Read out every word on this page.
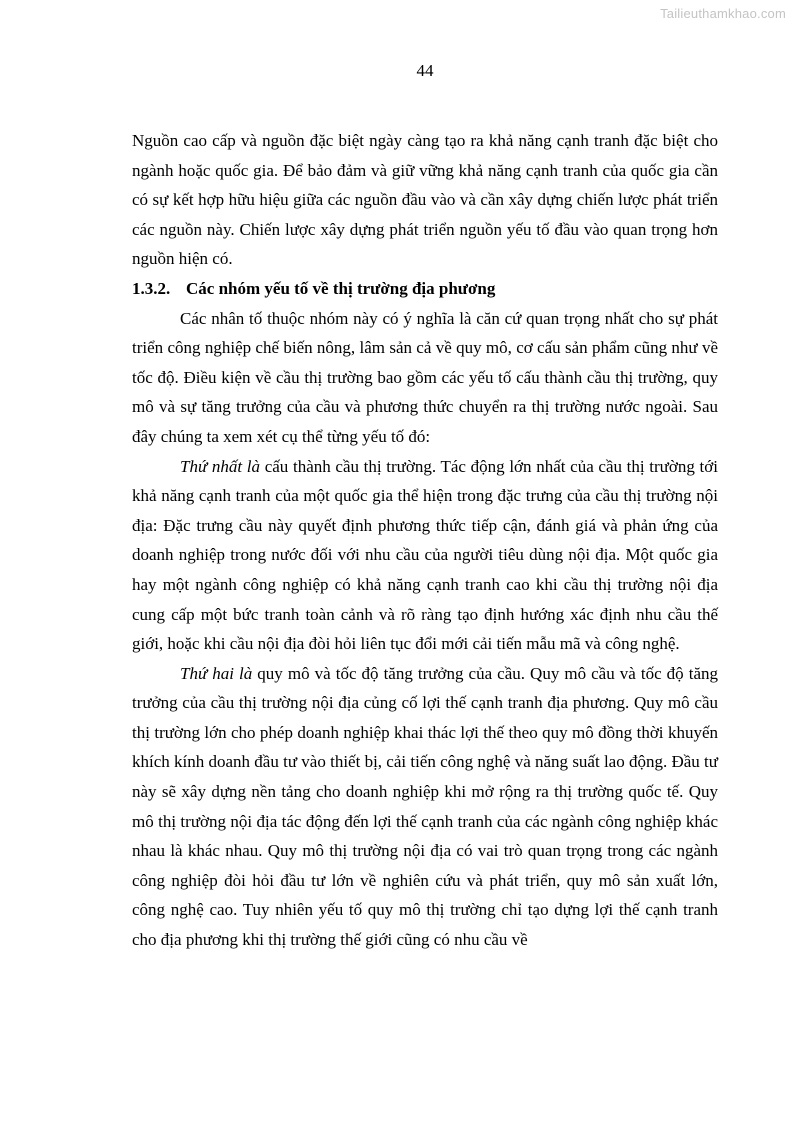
Tailieuthamkhao.com
44

Nguồn cao cấp và nguồn đặc biệt ngày càng tạo ra khả năng cạnh tranh đặc biệt cho ngành hoặc quốc gia. Để bảo đảm và giữ vững khả năng cạnh tranh của quốc gia cần có sự kết hợp hữu hiệu giữa các nguồn đầu vào và cần xây dựng chiến lược phát triển các nguồn này. Chiến lược xây dựng phát triển nguồn yếu tố đầu vào quan trọng hơn nguồn hiện có.

1.3.2. Các nhóm yếu tố về thị trường địa phương

Các nhân tố thuộc nhóm này có ý nghĩa là căn cứ quan trọng nhất cho sự phát triển công nghiệp chế biến nông, lâm sản cả về quy mô, cơ cấu sản phẩm cũng như về tốc độ. Điều kiện về cầu thị trường bao gồm các yếu tố cấu thành cầu thị trường, quy mô và sự tăng trưởng của cầu và phương thức chuyển ra thị trường nước ngoài. Sau đây chúng ta xem xét cụ thể từng yếu tố đó:

Thứ nhất là cấu thành cầu thị trường. Tác động lớn nhất của cầu thị trường tới khả năng cạnh tranh của một quốc gia thể hiện trong đặc trưng của cầu thị trường nội địa: Đặc trưng cầu này quyết định phương thức tiếp cận, đánh giá và phản ứng của doanh nghiệp trong nước đối với nhu cầu của người tiêu dùng nội địa. Một quốc gia hay một ngành công nghiệp có khả năng cạnh tranh cao khi cầu thị trường nội địa cung cấp một bức tranh toàn cảnh và rõ ràng tạo định hướng xác định nhu cầu thế giới, hoặc khi cầu nội địa đòi hỏi liên tục đổi mới cải tiến mẫu mã và công nghệ.

Thứ hai là quy mô và tốc độ tăng trưởng của cầu. Quy mô cầu và tốc độ tăng trưởng của cầu thị trường nội địa củng cố lợi thế cạnh tranh địa phương. Quy mô cầu thị trường lớn cho phép doanh nghiệp khai thác lợi thế theo quy mô đồng thời khuyến khích kính doanh đầu tư vào thiết bị, cải tiến công nghệ và năng suất lao động. Đầu tư này sẽ xây dựng nền tảng cho doanh nghiệp khi mở rộng ra thị trường quốc tế. Quy mô thị trường nội địa tác động đến lợi thế cạnh tranh của các ngành công nghiệp khác nhau là khác nhau. Quy mô thị trường nội địa có vai trò quan trọng trong các ngành công nghiệp đòi hỏi đầu tư lớn về nghiên cứu và phát triển, quy mô sản xuất lớn, công nghệ cao. Tuy nhiên yếu tố quy mô thị trường chỉ tạo dựng lợi thế cạnh tranh cho địa phương khi thị trường thế giới cũng có nhu cầu về
